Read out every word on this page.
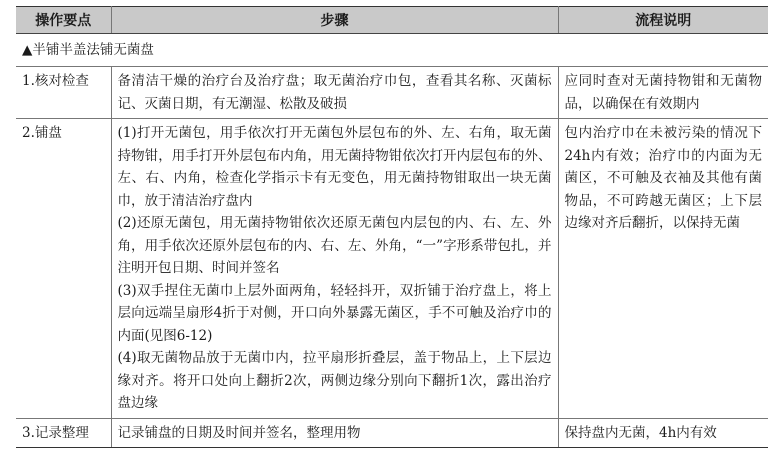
操作要点	步骤	流程说明
▲半铺半盖法铺无菌盘		
1.核对检查	备清洁干燥的治疗台及治疗盘；取无菌治疗巾包，查看其名称、灭菌标记、灭菌日期，有无潮湿、松散及破损	应同时查对无菌持物钳和无菌物品，以确保在有效期内
2.铺盘	(1)打开无菌包，用手依次打开无菌包外层包布的外、左、右角，取无菌持物钳，用手打开外层包布内角，用无菌持物钳依次打开内层包布的外、左、右、内角，检查化学指示卡有无变色，用无菌持物钳取出一块无菌巾，放于清洁治疗盘内
(2)还原无菌包，用无菌持物钳依次还原无菌包内层包的内、右、左、外角，用手依次还原外层包布的内、右、左、外角，“一”字形系带包扎，并注明开包日期、时间并签名
(3)双手捏住无菌巾上层外面两角，轻轻抖开，双折铺于治疗盘上，将上层向远端呈扇形4折于对侧，开口向外暴露无菌区，手不可触及治疗巾的内面(见图6-12)
(4)取无菌物品放于无菌巾内，拉平扇形折叠层，盖于物品上，上下层边缘对齐。将开口处向上翻折2次，两侧边缘分别向下翻折1次，露出治疗盘边缘	包内治疗巾在未被污染的情况下24h内有效；治疗巾的内面为无菌区，不可触及衣袖及其他有菌物品，不可跨越无菌区；上下层边缘对齐后翻折，以保持无菌
3.记录整理	记录铺盘的日期及时间并签名，整理用物	保持盘内无菌，4h内有效
